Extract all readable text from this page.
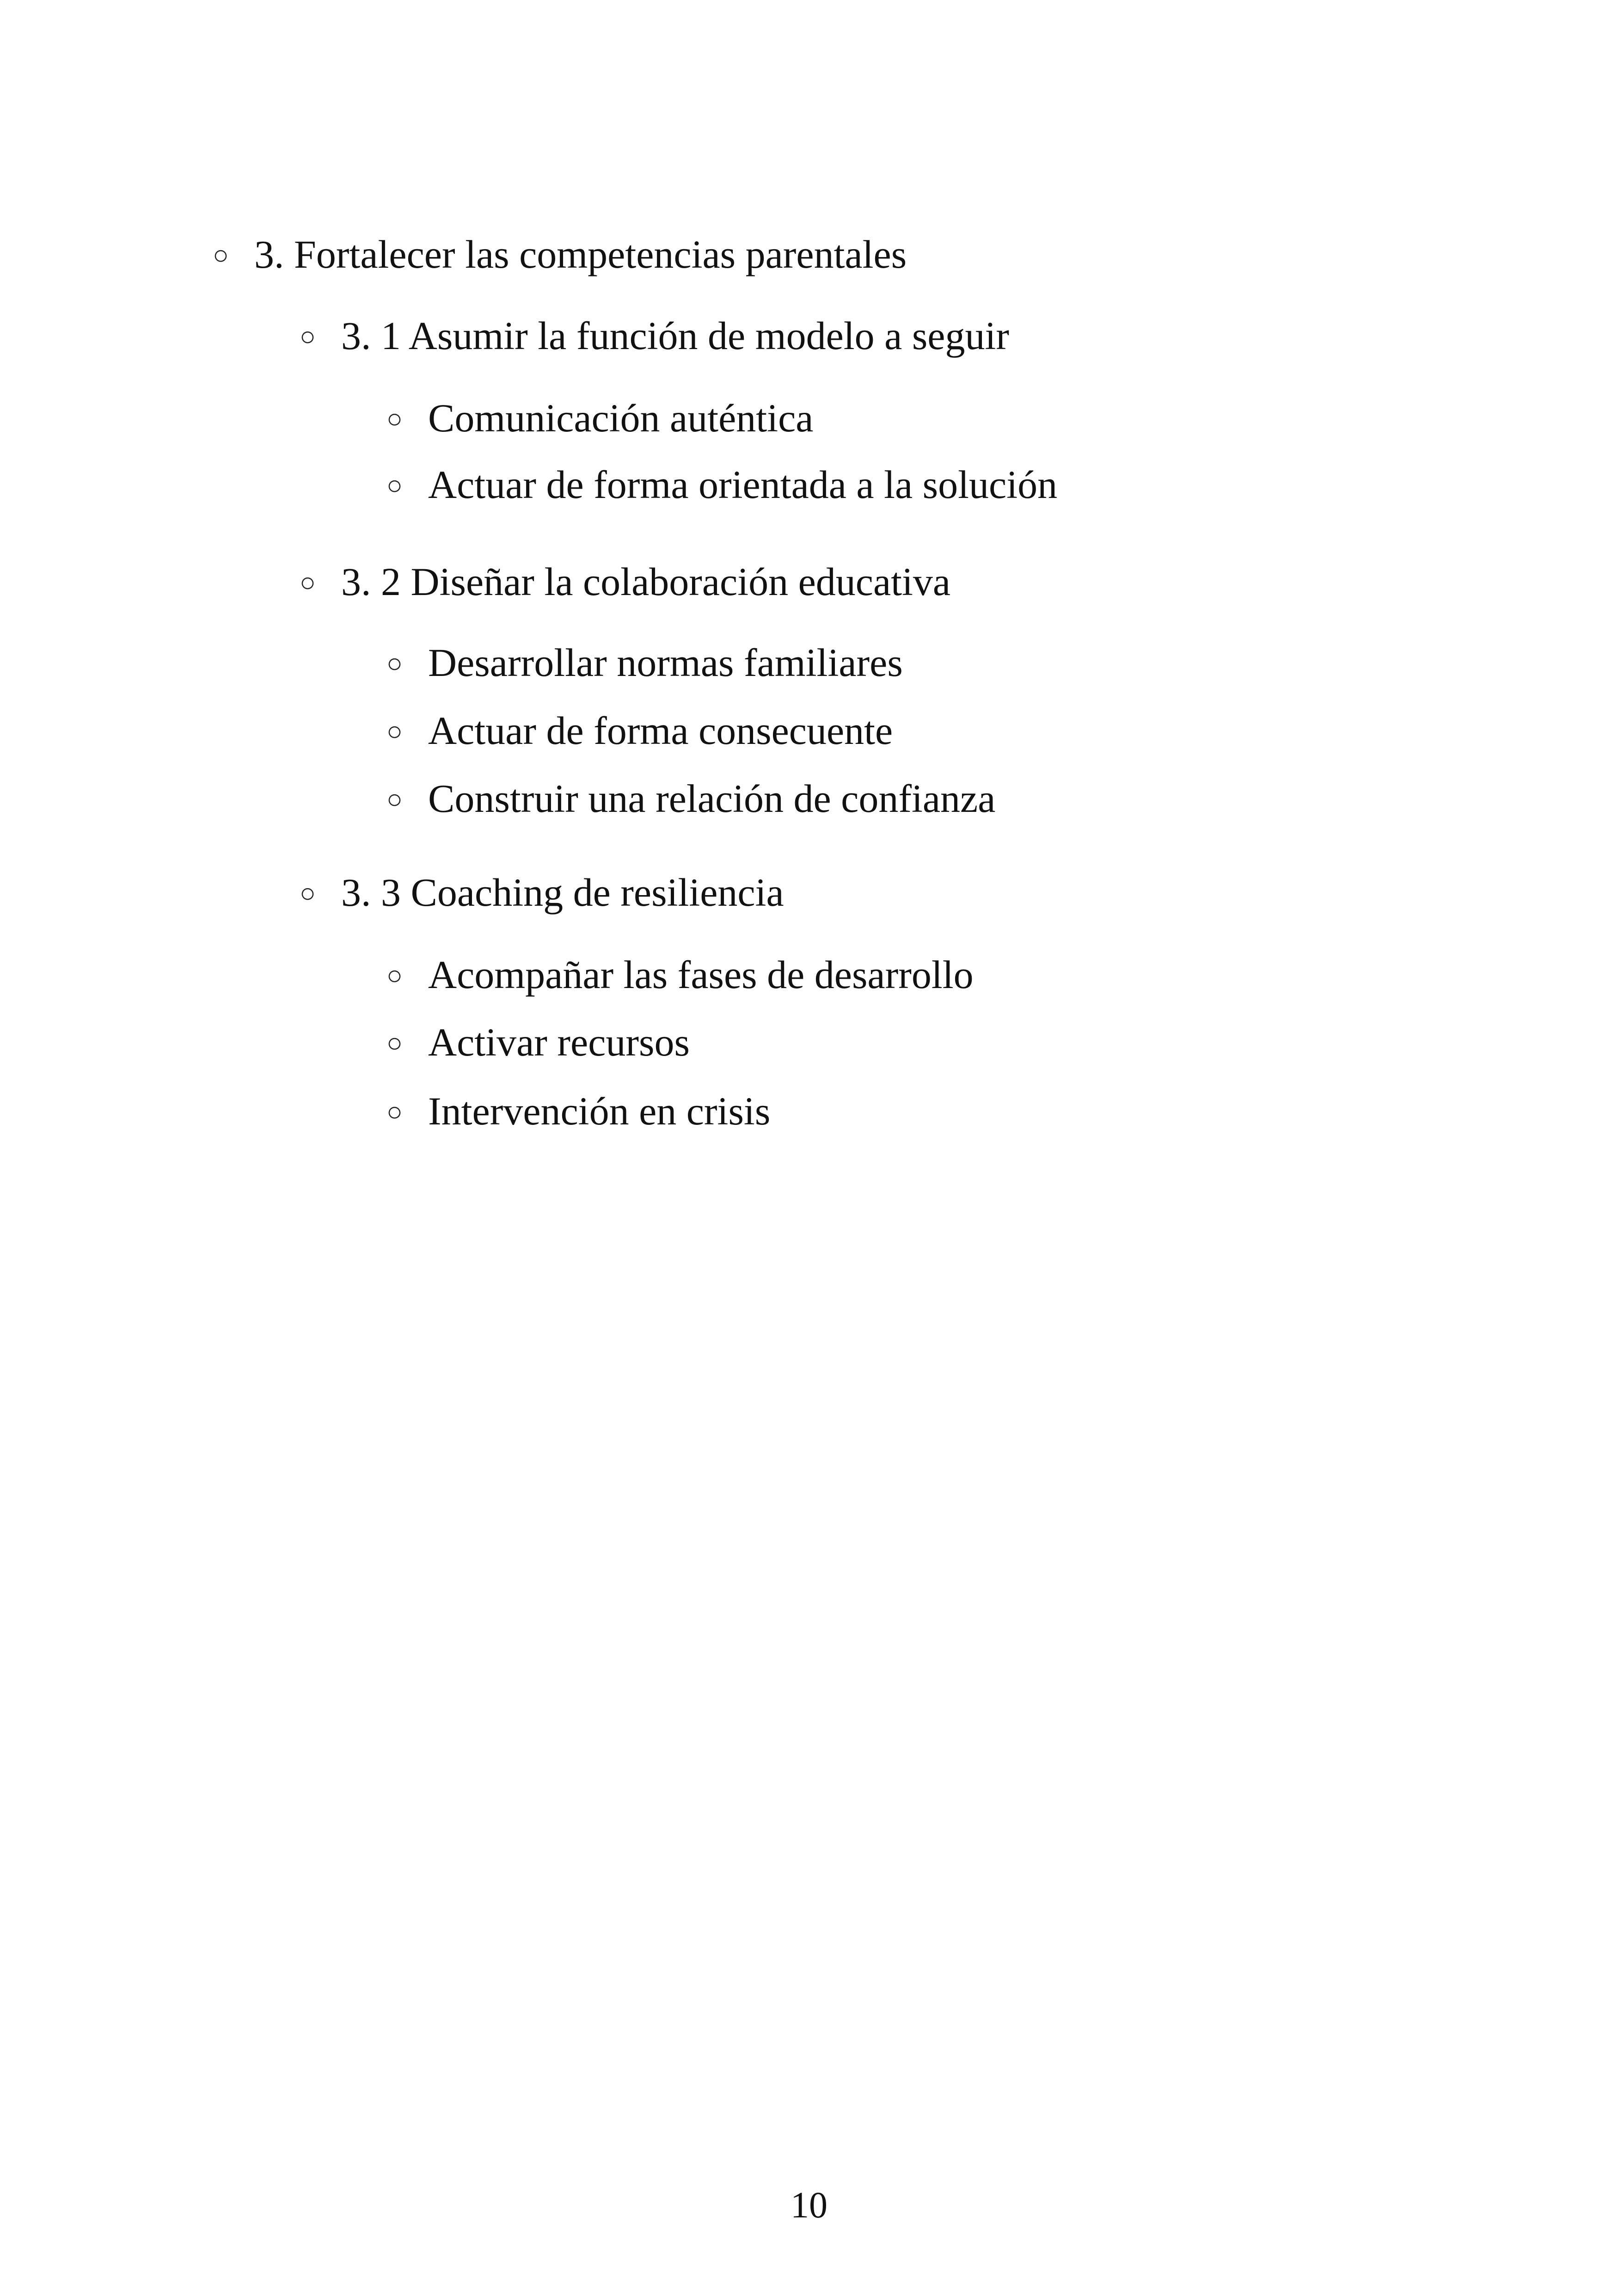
○3. Fortalecer las competencias parentales
○3. 1 Asumir la función de modelo a seguir
○Comunicación auténtica
○Actuar de forma orientada a la solución
○3. 2 Diseñar la colaboración educativa
○Desarrollar normas familiares
○Actuar de forma consecuente
○Construir una relación de confianza
○3. 3 Coaching de resiliencia
○Acompañar las fases de desarrollo
○Activar recursos
○Intervención en crisis
10
